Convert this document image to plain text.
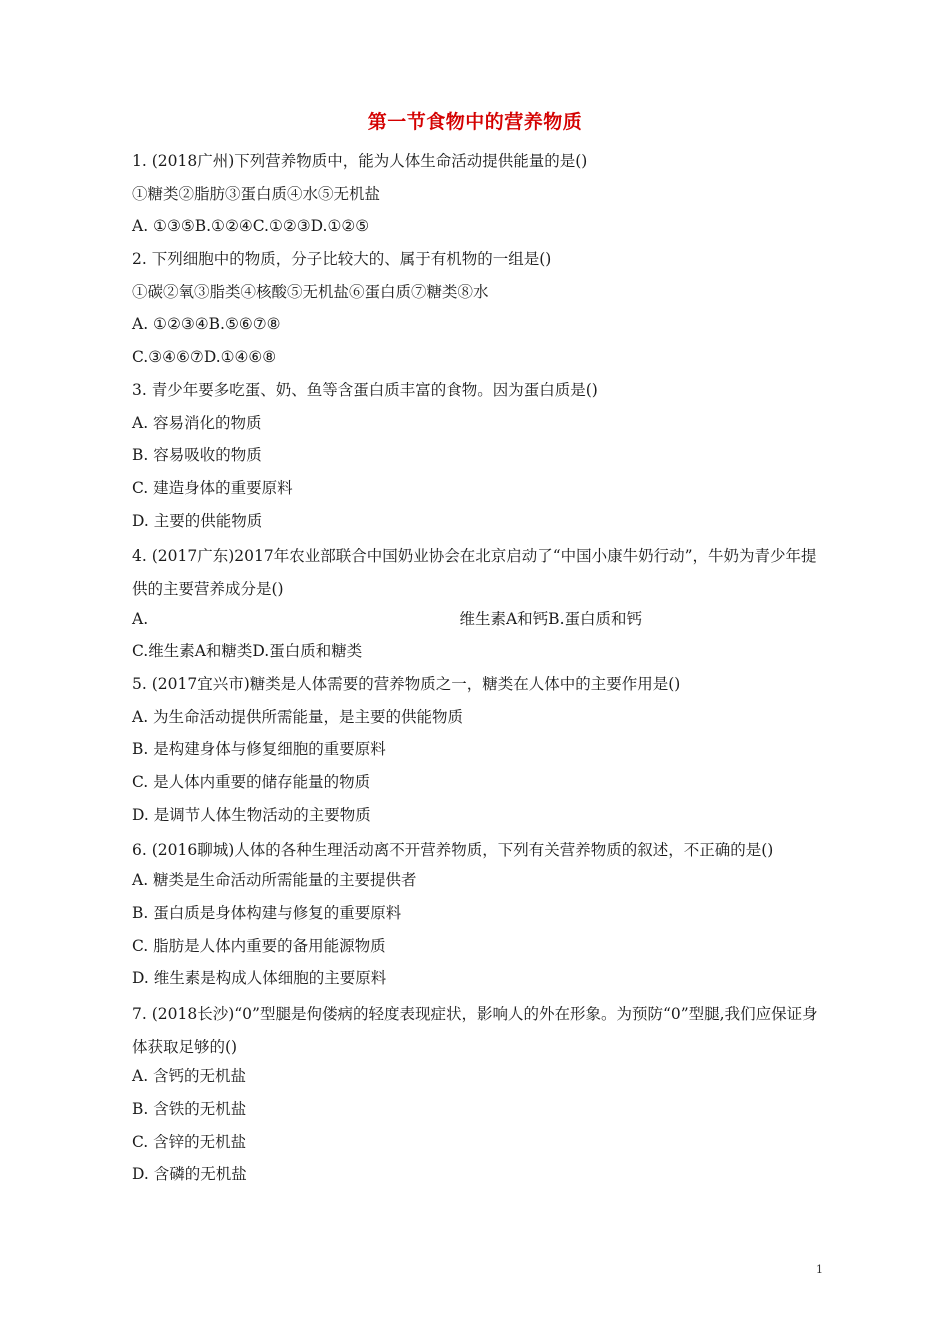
第一节食物中的营养物质
1. (2018广州)下列营养物质中，能为人体生命活动提供能量的是()
①糖类②脂肪③蛋白质④水⑤无机盐
A. ①③⑤B.①②④C.①②③D.①②⑤
2. 下列细胞中的物质，分子比较大的、属于有机物的一组是()
①碳②氧③脂类④核酸⑤无机盐⑥蛋白质⑦糖类⑧水
A. ①②③④B.⑤⑥⑦⑧
C.③④⑥⑦D.①④⑥⑧
3. 青少年要多吃蛋、奶、鱼等含蛋白质丰富的食物。因为蛋白质是()
A. 容易消化的物质
B. 容易吸收的物质
C. 建造身体的重要原料
D. 主要的供能物质
4. (2017广东)2017年农业部联合中国奶业协会在北京启动了“中国小康牛奶行动”，牛奶为青少年提供的主要营养成分是()
A.	维生素A和钙B.蛋白质和钙
C.维生素A和糖类D.蛋白质和糖类
5. (2017宜兴市)糖类是人体需要的营养物质之一，糖类在人体中的主要作用是()
A. 为生命活动提供所需能量，是主要的供能物质
B. 是构建身体与修复细胞的重要原料
C. 是人体内重要的储存能量的物质
D. 是调节人体生物活动的主要物质
6. (2016聊城)人体的各种生理活动离不开营养物质，下列有关营养物质的叙述，不正确的是()
A. 糖类是生命活动所需能量的主要提供者
B. 蛋白质是身体构建与修复的重要原料
C. 脂肪是人体内重要的备用能源物质
D. 维生素是构成人体细胞的主要原料
7. (2018长沙)“0”型腿是佝偻病的轻度表现症状，影响人的外在形象。为预防“0”型腿,我们应保证身体获取足够的()
A. 含钙的无机盐
B. 含铁的无机盐
C. 含锌的无机盐
D. 含磷的无机盐
1
